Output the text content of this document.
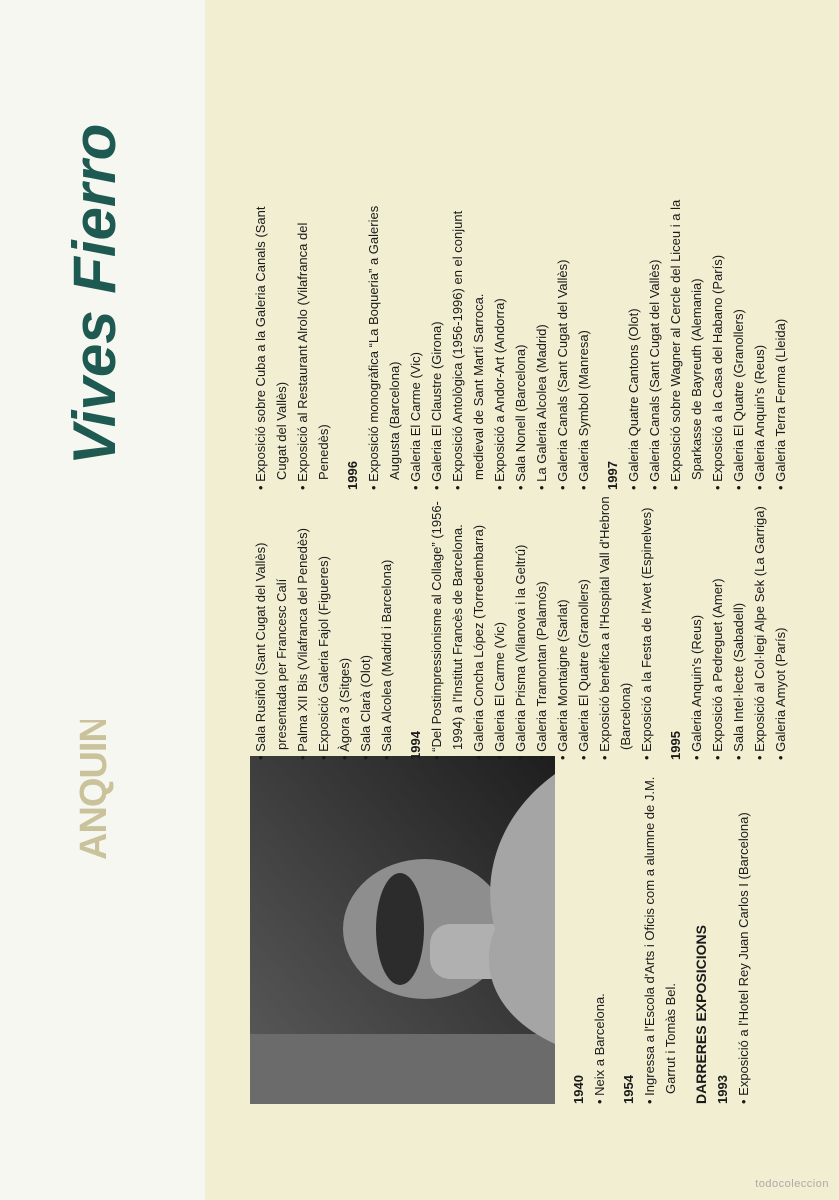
ANQUIN'S
Vives Fierro
1940 • Neix a Barcelona. 1954 • Ingressa a l'Escola d'Arts i Oficis com a alumne de J.M. Garrut i Tomàs Bel. DARRERES EXPOSICIONS 1993 • Exposició a l'Hotel Rey Juan Carlos I (Barcelona)
• Sala Rusiñol (Sant Cugat del Vallès) presentada per Francesc Calí • Palma XII Bis (Vilafranca del Penedès) • Exposició Galeria Fajol (Figueres) • Àgora 3 (Sitges) • Sala Clarà (Olot) • Sala Alcolea (Madrid i Barcelona) 1994 • “Del Postimpressionisme al Collage” (1956-1994) a l'Institut Francès de Barcelona. • Galeria Concha López (Torredembarra) • Galeria El Carme (Vic) • Galeria Prisma (Vilanova i la Geltrú) • Galeria Tramontan (Palamós) • Galeria Montaigne (Sarlat) • Galeria El Quatre (Granollers) • Exposició benèfica a l'Hospital Vall d'Hebron (Barcelona) • Exposició a la Festa de l'Avet (Espinelves) 1995 • Galeria Anquin's (Reus) • Exposició a Pedreguet (Amer) • Sala Intel·lecte (Sabadell) • Exposició al Col·legi Alpe Sek (La Garriga) • Galeria Amyot (París)
• Exposició sobre Cuba a la Galeria Canals (Sant Cugat del Vallès) • Exposició al Restaurant Alrolo (Vilafranca del Penedès) 1996 • Exposició monogràfica “La Boqueria” a Galeries Augusta (Barcelona) • Galeria El Carme (Vic) • Galeria El Claustre (Girona) • Exposició Antològica (1956-1996) en el conjunt medieval de Sant Martí Sarroca. • Exposició a Andor-Art (Andorra) • Sala Nonell (Barcelona) • La Galeria Alcolea (Madrid) • Galeria Canals (Sant Cugat del Vallès) • Galeria Symbol (Manresa) 1997 • Galeria Quatre Cantons (Olot) • Galeria Canals (Sant Cugat del Vallès) • Exposició sobre Wagner al Cercle del Liceu i a la Sparkasse de Bayreuth (Alemania) • Exposició a la Casa del Habano (París) • Galeria El Quatre (Granollers) • Galeria Anquin's (Reus) • Galeria Terra Ferma (Lleida)
todocoleccion
